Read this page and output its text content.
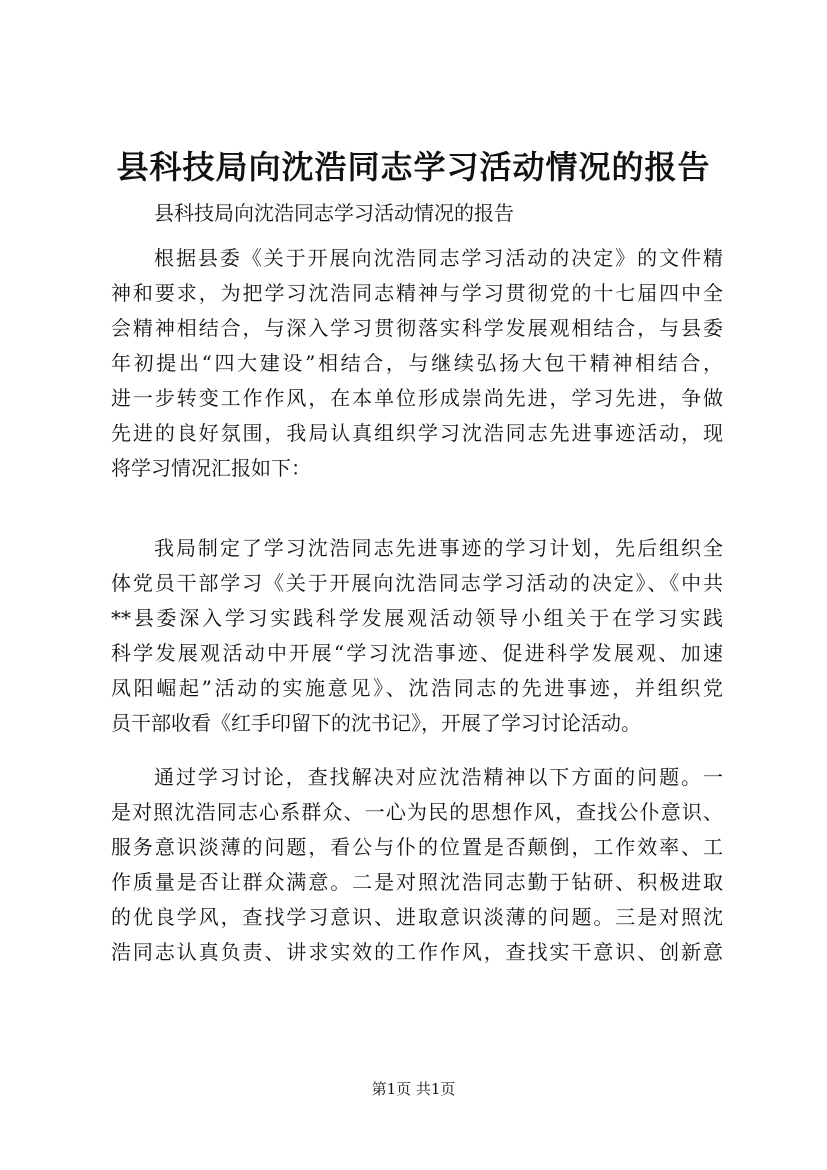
县科技局向沈浩同志学习活动情况的报告

县科技局向沈浩同志学习活动情况的报告

根据县委《关于开展向沈浩同志学习活动的决定》的文件精
神和要求，为把学习沈浩同志精神与学习贯彻党的十七届四中全
会精神相结合，与深入学习贯彻落实科学发展观相结合，与县委
年初提出“四大建设”相结合，与继续弘扬大包干精神相结合，
进一步转变工作作风，在本单位形成崇尚先进，学习先进，争做
先进的良好氛围，我局认真组织学习沈浩同志先进事迹活动，现
将学习情况汇报如下：
我局制定了学习沈浩同志先进事迹的学习计划，先后组织全
体党员干部学习《关于开展向沈浩同志学习活动的决定》、《中共
**县委深入学习实践科学发展观活动领导小组关于在学习实践
科学发展观活动中开展“学习沈浩事迹、促进科学发展观、加速
凤阳崛起”活动的实施意见》、沈浩同志的先进事迹，并组织党
员干部收看《红手印留下的沈书记》，开展了学习讨论活动。
通过学习讨论，查找解决对应沈浩精神以下方面的问题。一
是对照沈浩同志心系群众、一心为民的思想作风，查找公仆意识、
服务意识淡薄的问题，看公与仆的位置是否颠倒，工作效率、工
作质量是否让群众满意。二是对照沈浩同志勤于钻研、积极进取
的优良学风，查找学习意识、进取意识淡薄的问题。三是对照沈
浩同志认真负责、讲求实效的工作作风，查找实干意识、创新意

第1页 共1页
